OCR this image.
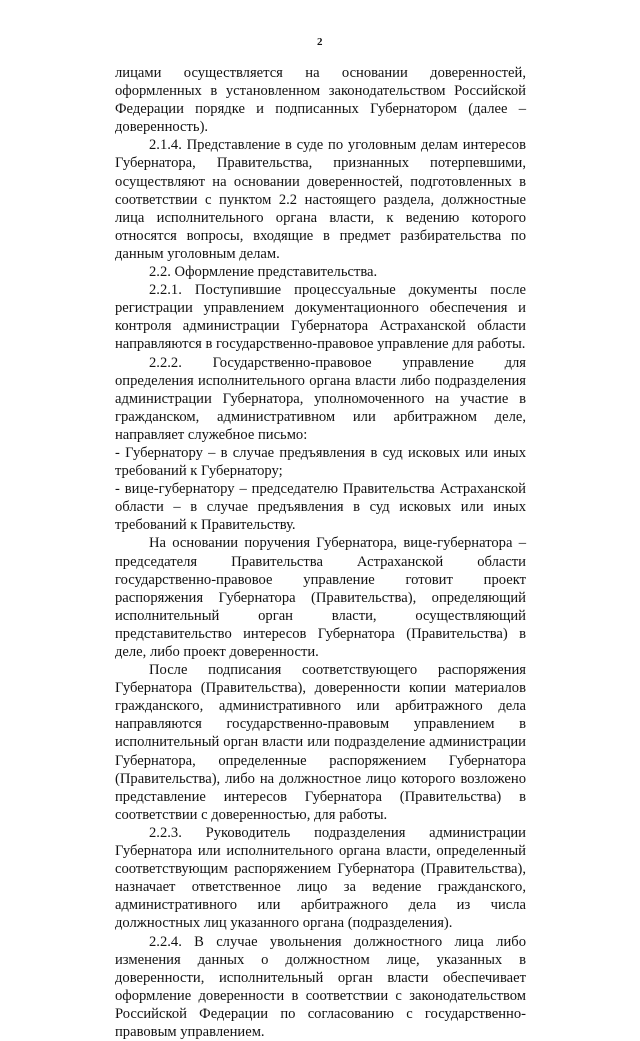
2

лицами осуществляется на основании доверенностей, оформленных в установленном законодательством Российской Федерации порядке и подписанных Губернатором (далее – доверенность).

2.1.4. Представление в суде по уголовным делам интересов Губернатора, Правительства, признанных потерпевшими, осуществляют на основании доверенностей, подготовленных в соответствии с пунктом 2.2 настоящего раздела, должностные лица исполнительного органа власти, к ведению которого относятся вопросы, входящие в предмет разбирательства по данным уголовным делам.

2.2. Оформление представительства.

2.2.1. Поступившие процессуальные документы после регистрации управлением документационного обеспечения и контроля администрации Губернатора Астраханской области направляются в государственно-правовое управление для работы.

2.2.2. Государственно-правовое управление для определения исполнительного органа власти либо подразделения администрации Губернатора, уполномоченного на участие в гражданском, административном или арбитражном деле, направляет служебное письмо:

- Губернатору – в случае предъявления в суд исковых или иных требований к Губернатору;

- вице-губернатору – председателю Правительства Астраханской области – в случае предъявления в суд исковых или иных требований к Правительству.

На основании поручения Губернатора, вице-губернатора – председателя Правительства Астраханской области государственно-правовое управление готовит проект распоряжения Губернатора (Правительства), определяющий исполнительный орган власти, осуществляющий представительство интересов Губернатора (Правительства) в деле, либо проект доверенности.

После подписания соответствующего распоряжения Губернатора (Правительства), доверенности копии материалов гражданского, административного или арбитражного дела направляются государственно-правовым управлением в исполнительный орган власти или подразделение администрации Губернатора, определенные распоряжением Губернатора (Правительства), либо на должностное лицо которого возложено представление интересов Губернатора (Правительства) в соответствии с доверенностью, для работы.

2.2.3. Руководитель подразделения администрации Губернатора или исполнительного органа власти, определенный соответствующим распоряжением Губернатора (Правительства), назначает ответственное лицо за ведение гражданского, административного или арбитражного дела из числа должностных лиц указанного органа (подразделения).

2.2.4. В случае увольнения должностного лица либо изменения данных о должностном лице, указанных в доверенности, исполнительный орган власти обеспечивает оформление доверенности в соответствии с законодательством Российской Федерации по согласованию с государственно-правовым управлением.
